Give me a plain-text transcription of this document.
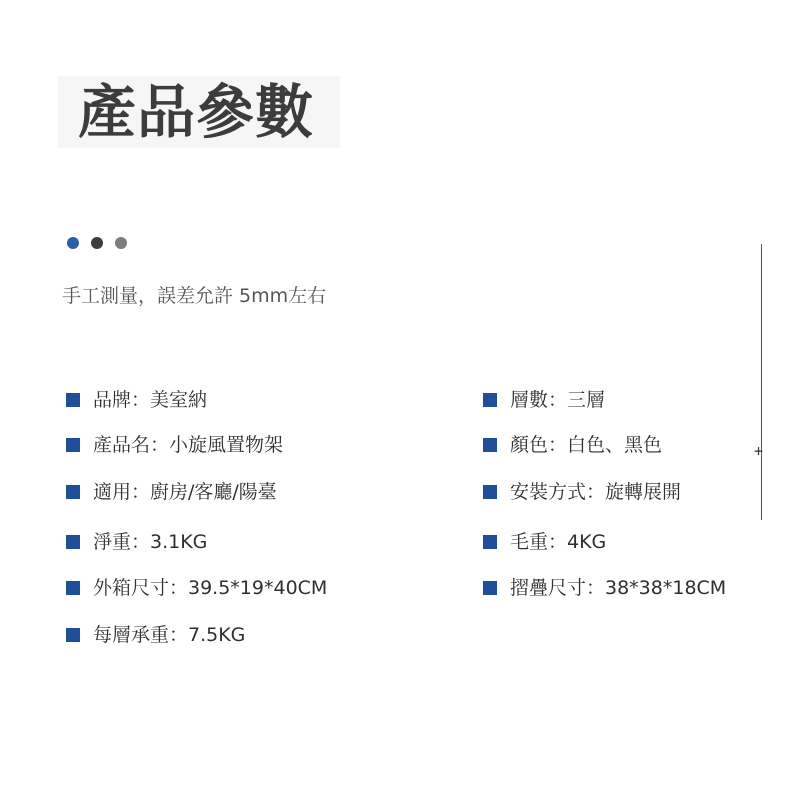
產品參數
手工測量，誤差允許 5mm左右
品牌：美室納
產品名：小旋風置物架
適用：廚房/客廳/陽臺
淨重：3.1KG
外箱尺寸：39.5*19*40CM
每層承重：7.5KG
層數：三層
顏色：白色、黑色
安裝方式：旋轉展開
毛重：4KG
摺疊尺寸：38*38*18CM
+
